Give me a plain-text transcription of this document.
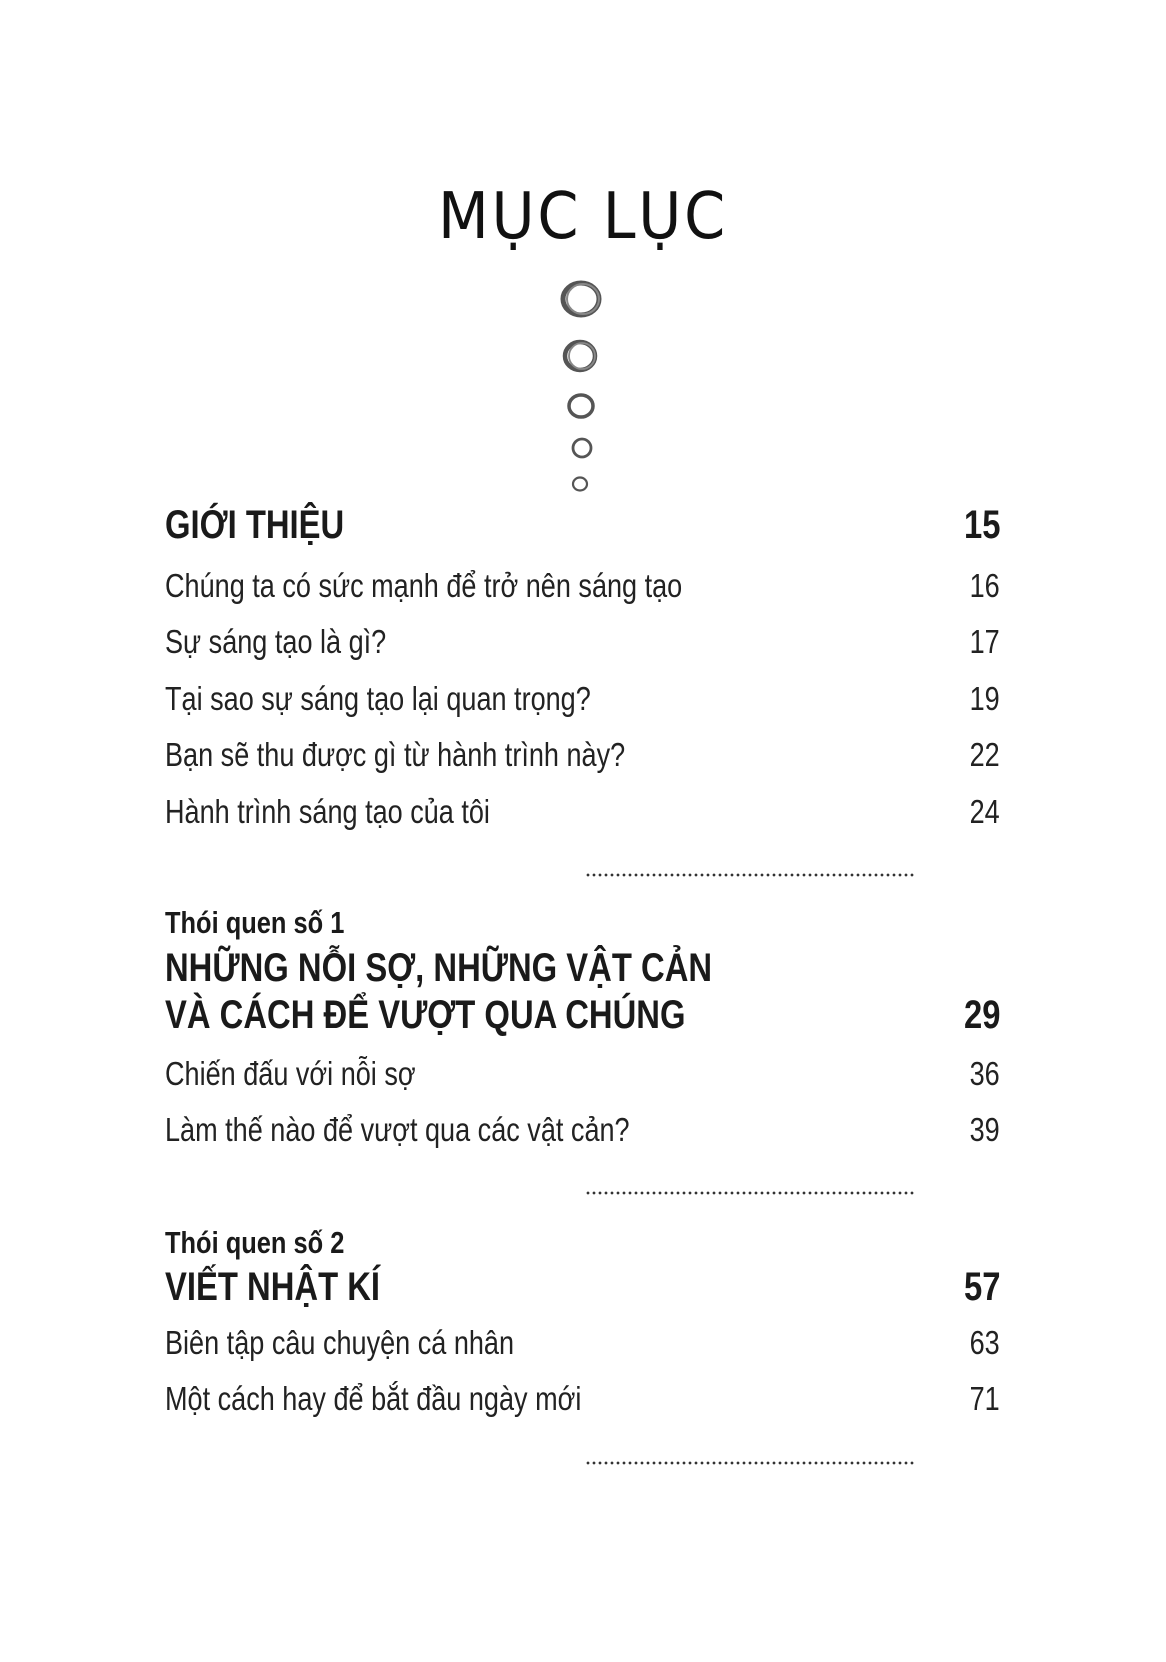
MỤC LỤC
GIỚI THIỆU	15
Chúng ta có sức mạnh để trở nên sáng tạo	16
Sự sáng tạo là gì?	17
Tại sao sự sáng tạo lại quan trọng?	19
Bạn sẽ thu được gì từ hành trình này?	22
Hành trình sáng tạo của tôi	24
Thói quen số 1
NHỮNG NỖI SỢ, NHỮNG VẬT CẢN
VÀ CÁCH ĐỂ VƯỢT QUA CHÚNG	29
Chiến đấu với nỗi sợ	36
Làm thế nào để vượt qua các vật cản?	39
Thói quen số 2
VIẾT NHẬT KÍ	57
Biên tập câu chuyện cá nhân	63
Một cách hay để bắt đầu ngày mới	71
